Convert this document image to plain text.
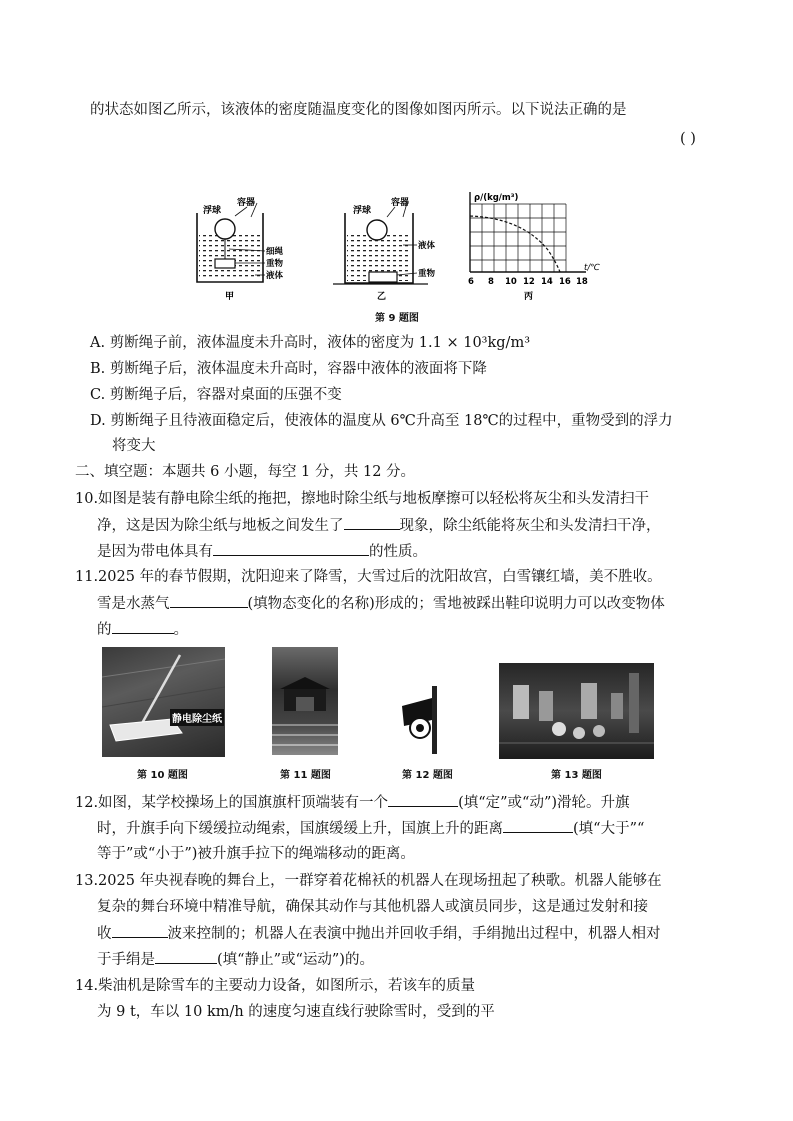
的状态如图乙所示，该液体的密度随温度变化的图像如图丙所示。以下说法正确的是
( )
浮球
容器
细绳
重物
液体
甲
浮球
容器
液体
重物
乙
ρ/(kg/m³)
t/℃
6 8 10 12 14 16 18
丙
第 9 题图
A. 剪断绳子前，液体温度未升高时，液体的密度为 1.1 × 10³kg/m³
B. 剪断绳子后，液体温度未升高时，容器中液体的液面将下降
C. 剪断绳子后，容器对桌面的压强不变
D. 剪断绳子且待液面稳定后，使液体的温度从 6℃升高至 18℃的过程中，重物受到的浮力
将变大
二、填空题：本题共 6 小题，每空 1 分，共 12 分。
10.如图是装有静电除尘纸的拖把，擦地时除尘纸与地板摩擦可以轻松将灰尘和头发清扫干
净，这是因为除尘纸与地板之间发生了	现象，除尘纸能将灰尘和头发清扫干净，
是因为带电体具有	的性质。
11.2025 年的春节假期，沈阳迎来了降雪，大雪过后的沈阳故宫，白雪镶红墙，美不胜收。
雪是水蒸气	(填物态变化的名称)形成的；雪地被踩出鞋印说明力可以改变物体
的	。
静电除尘纸
第 10 题图	第 11 题图	第 12 题图	第 13 题图
12.如图，某学校操场上的国旗旗杆顶端装有一个	(填“定”或“动”)滑轮。升旗
时，升旗手向下缓缓拉动绳索，国旗缓缓上升，国旗上升的距离	(填“大于”“
等于”或“小于”)被升旗手拉下的绳端移动的距离。
13.2025 年央视春晚的舞台上，一群穿着花棉袄的机器人在现场扭起了秧歌。机器人能够在
复杂的舞台环境中精准导航，确保其动作与其他机器人或演员同步，这是通过发射和接
收	波来控制的；机器人在表演中抛出并回收手绢，手绢抛出过程中，机器人相对
于手绢是	(填“静止”或“运动”)的。
14.柴油机是除雪车的主要动力设备，如图所示，若该车的质量
为 9 t，车以 10 km/h 的速度匀速直线行驶除雪时，受到的平
